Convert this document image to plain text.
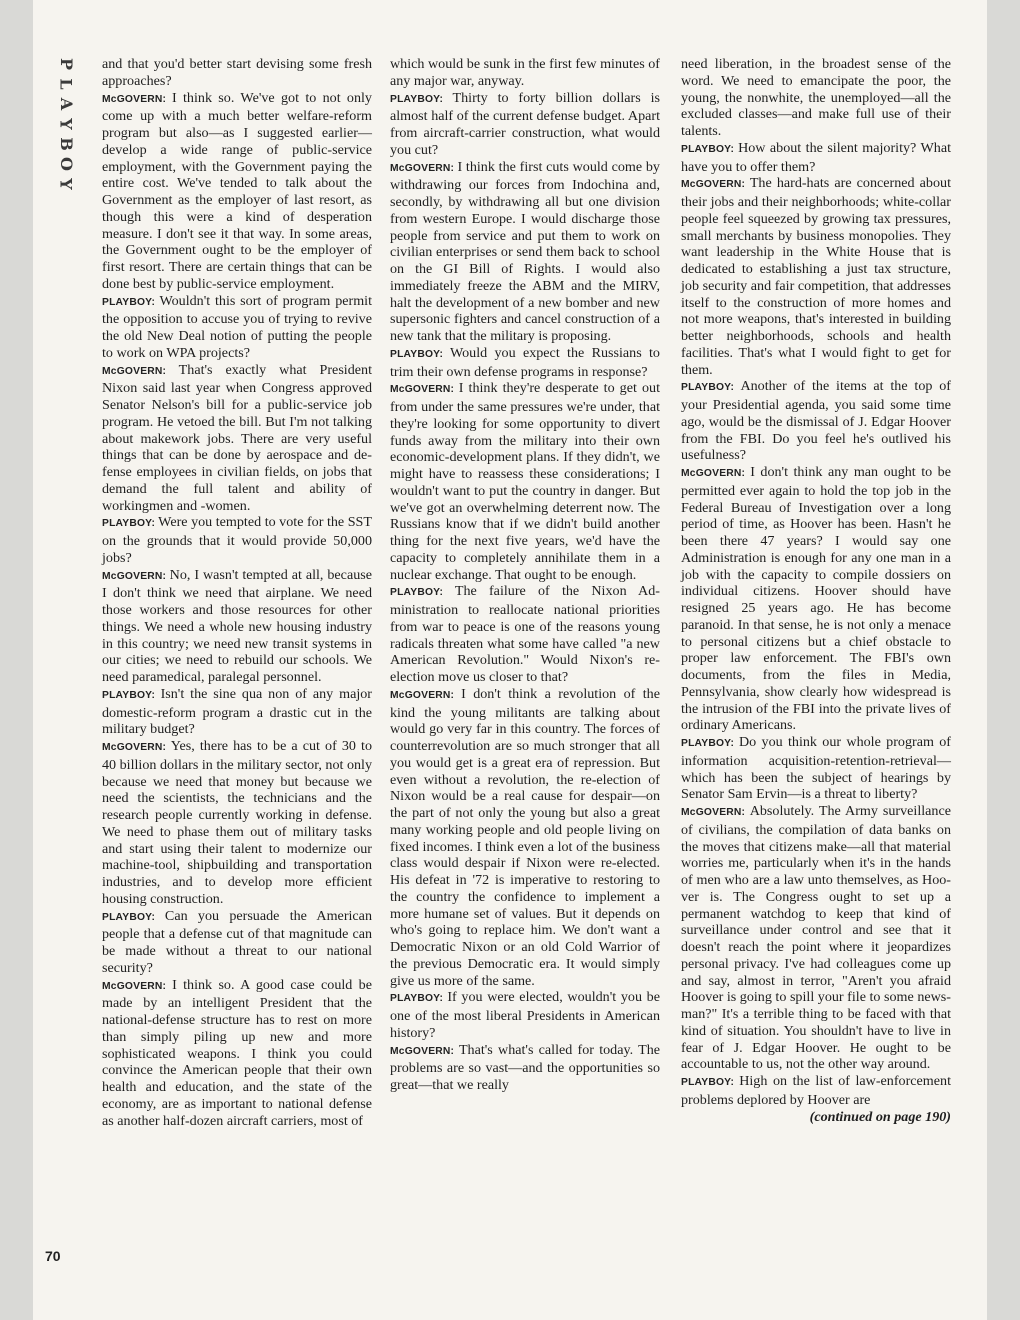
P
L
A
Y
B
O
Y
70

and that you'd better start devising some fresh approaches?

McGOVERN : I think so. We've got to not only come up with a much better welfare-reform program but also—as I suggested earlier—develop a wide range of public-service employment, with the Government paying the entire cost. We've tended to talk about the Government as the employer of last resort, as though this were a kind of desperation measure. I don't see it that way. In some areas, the Government ought to be the employer of first resort. There are certain things that can be done best by public-service employment.

PLAYBOY : Wouldn't this sort of program permit the opposition to accuse you of trying to revive the old New Deal notion of putting the people to work on WPA projects?

McGOVERN : That's exactly what President Nixon said last year when Congress approved Senator Nelson's bill for a public-service job program. He vetoed the bill. But I'm not talking about makework jobs. There are very useful things that can be done by aerospace and defense employees in civilian fields, on jobs that demand the full talent and ability of workingmen and -women.

PLAYBOY : Were you tempted to vote for the SST on the grounds that it would provide 50,000 jobs?

McGOVERN : No, I wasn't tempted at all, because I don't think we need that airplane. We need those workers and those resources for other things. We need a whole new housing industry in this country; we need new transit systems in our cities; we need to rebuild our schools. We need paramedical, paralegal personnel.

PLAYBOY : Isn't the sine qua non of any major domestic-reform program a drastic cut in the military budget?

McGOVERN : Yes, there has to be a cut of 30 to 40 billion dollars in the military sector, not only because we need that money but because we need the scientists, the technicians and the research people currently working in defense. We need to phase them out of military tasks and start using their talent to modernize our machine-tool, shipbuilding and transportation industries, and to develop more efficient housing construction.

PLAYBOY : Can you persuade the American people that a defense cut of that magnitude can be made without a threat to our national security?

McGOVERN : I think so. A good case could be made by an intelligent President that the national-defense structure has to rest on more than simply piling up new and more sophisticated weapons. I think you could convince the American people that their own health and education, and the state of the economy, are as important to national defense as another half-dozen aircraft carriers, most of

which would be sunk in the first few minutes of any major war, anyway.

PLAYBOY : Thirty to forty billion dollars is almost half of the current defense budget. Apart from aircraft-carrier construction, what would you cut?

McGOVERN : I think the first cuts would come by withdrawing our forces from Indochina and, secondly, by withdrawing all but one division from western Europe. I would discharge those people from service and put them to work on civilian enterprises or send them back to school on the GI Bill of Rights. I would also immediately freeze the ABM and the MIRV, halt the development of a new bomber and new supersonic fighters and cancel construction of a new tank that the military is proposing.

PLAYBOY : Would you expect the Russians to trim their own defense programs in response?

McGOVERN : I think they're desperate to get out from under the same pressures we're under, that they're looking for some opportunity to divert funds away from the military into their own economic-development plans. If they didn't, we might have to reassess these considerations; I wouldn't want to put the country in danger. But we've got an overwhelming deterrent now. The Russians know that if we didn't build another thing for the next five years, we'd have the capacity to completely annihilate them in a nuclear exchange. That ought to be enough.

PLAYBOY : The failure of the Nixon Administration to reallocate national priorities from war to peace is one of the reasons young radicals threaten what some have called "a new American Revolution." Would Nixon's re-election move us closer to that?

McGOVERN : I don't think a revolution of the kind the young militants are talking about would go very far in this country. The forces of counterrevolution are so much stronger that all you would get is a great era of repression. But even without a revolution, the re-election of Nixon would be a real cause for despair—on the part of not only the young but also a great many working people and old people living on fixed incomes. I think even a lot of the business class would despair if Nixon were re-elected. His defeat in '72 is imperative to restoring to the country the confidence to implement a more humane set of values. But it depends on who's going to replace him. We don't want a Democratic Nixon or an old Cold Warrior of the previous Democratic era. It would simply give us more of the same.

PLAYBOY : If you were elected, wouldn't you be one of the most liberal Presidents in American history?

McGOVERN : That's what's called for today. The problems are so vast—and the opportunities so great—that we really

need liberation, in the broadest sense of the word. We need to emancipate the poor, the young, the nonwhite, the unemployed—all the excluded classes—and make full use of their talents.

PLAYBOY : How about the silent majority? What have you to offer them?

McGOVERN : The hard-hats are concerned about their jobs and their neighborhoods; white-collar people feel squeezed by growing tax pressures, small merchants by business monopolies. They want leadership in the White House that is dedicated to establishing a just tax structure, job security and fair competition, that addresses itself to the construction of more homes and not more weapons, that's interested in building better neighborhoods, schools and health facilities. That's what I would fight to get for them.

PLAYBOY : Another of the items at the top of your Presidential agenda, you said some time ago, would be the dismissal of J. Edgar Hoover from the FBI. Do you feel he's outlived his usefulness?

McGOVERN : I don't think any man ought to be permitted ever again to hold the top job in the Federal Bureau of Investigation over a long period of time, as Hoover has been. Hasn't he been there 47 years? I would say one Administration is enough for any one man in a job with the capacity to compile dossiers on individual citizens. Hoover should have resigned 25 years ago. He has become paranoid. In that sense, he is not only a menace to personal citizens but a chief obstacle to proper law enforcement. The FBI's own documents, from the files in Media, Pennsylvania, show clearly how widespread is the intrusion of the FBI into the private lives of ordinary Americans.

PLAYBOY : Do you think our whole program of information acquisition-retention-retrieval—which has been the subject of hearings by Senator Sam Ervin—is a threat to liberty?

McGOVERN : Absolutely. The Army surveillance of civilians, the compilation of data banks on the moves that citizens make—all that material worries me, particularly when it's in the hands of men who are a law unto themselves, as Hoover is. The Congress ought to set up a permanent watchdog to keep that kind of surveillance under control and see that it doesn't reach the point where it jeopardizes personal privacy. I've had colleagues come up and say, almost in terror, "Aren't you afraid Hoover is going to spill your file to some newsman?" It's a terrible thing to be faced with that kind of situation. You shouldn't have to live in fear of J. Edgar Hoover. He ought to be accountable to us, not the other way around.

PLAYBOY : High on the list of law-enforcement problems deplored by Hoover are

(continued on page 190)
